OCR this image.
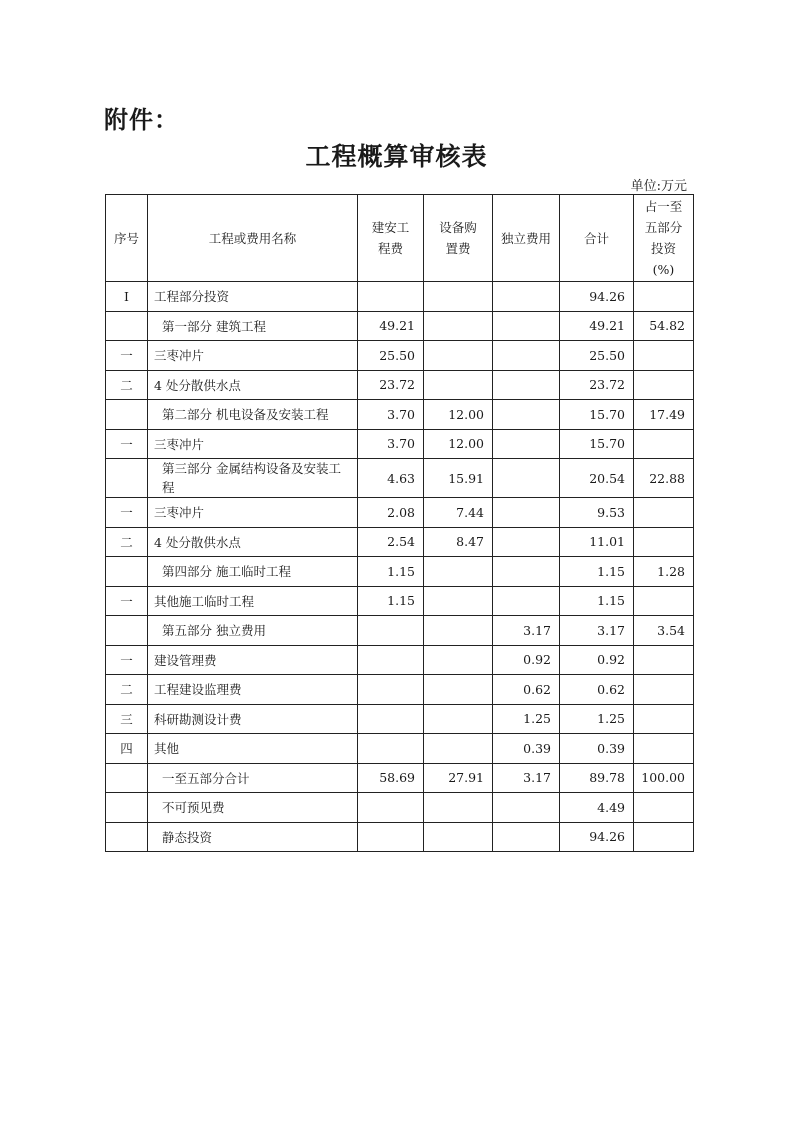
附件：
工程概算审核表
单位:万元
序号	工程或费用名称	建安工程费	设备购置费	独立费用	合计	占一至五部分投资(%)
Ⅰ	工程部分投资				94.26	
	第一部分 建筑工程	49.21			49.21	54.82
一	三枣冲片	25.50			25.50	
二	4 处分散供水点	23.72			23.72	
	第二部分 机电设备及安装工程	3.70	12.00		15.70	17.49
一	三枣冲片	3.70	12.00		15.70	
	第三部分 金属结构设备及安装工程	4.63	15.91		20.54	22.88
一	三枣冲片	2.08	7.44		9.53	
二	4 处分散供水点	2.54	8.47		11.01	
	第四部分 施工临时工程	1.15			1.15	1.28
一	其他施工临时工程	1.15			1.15	
	第五部分 独立费用			3.17	3.17	3.54
一	建设管理费			0.92	0.92	
二	工程建设监理费			0.62	0.62	
三	科研勘测设计费			1.25	1.25	
四	其他			0.39	0.39	
	一至五部分合计	58.69	27.91	3.17	89.78	100.00
	不可预见费				4.49	
	静态投资				94.26	
